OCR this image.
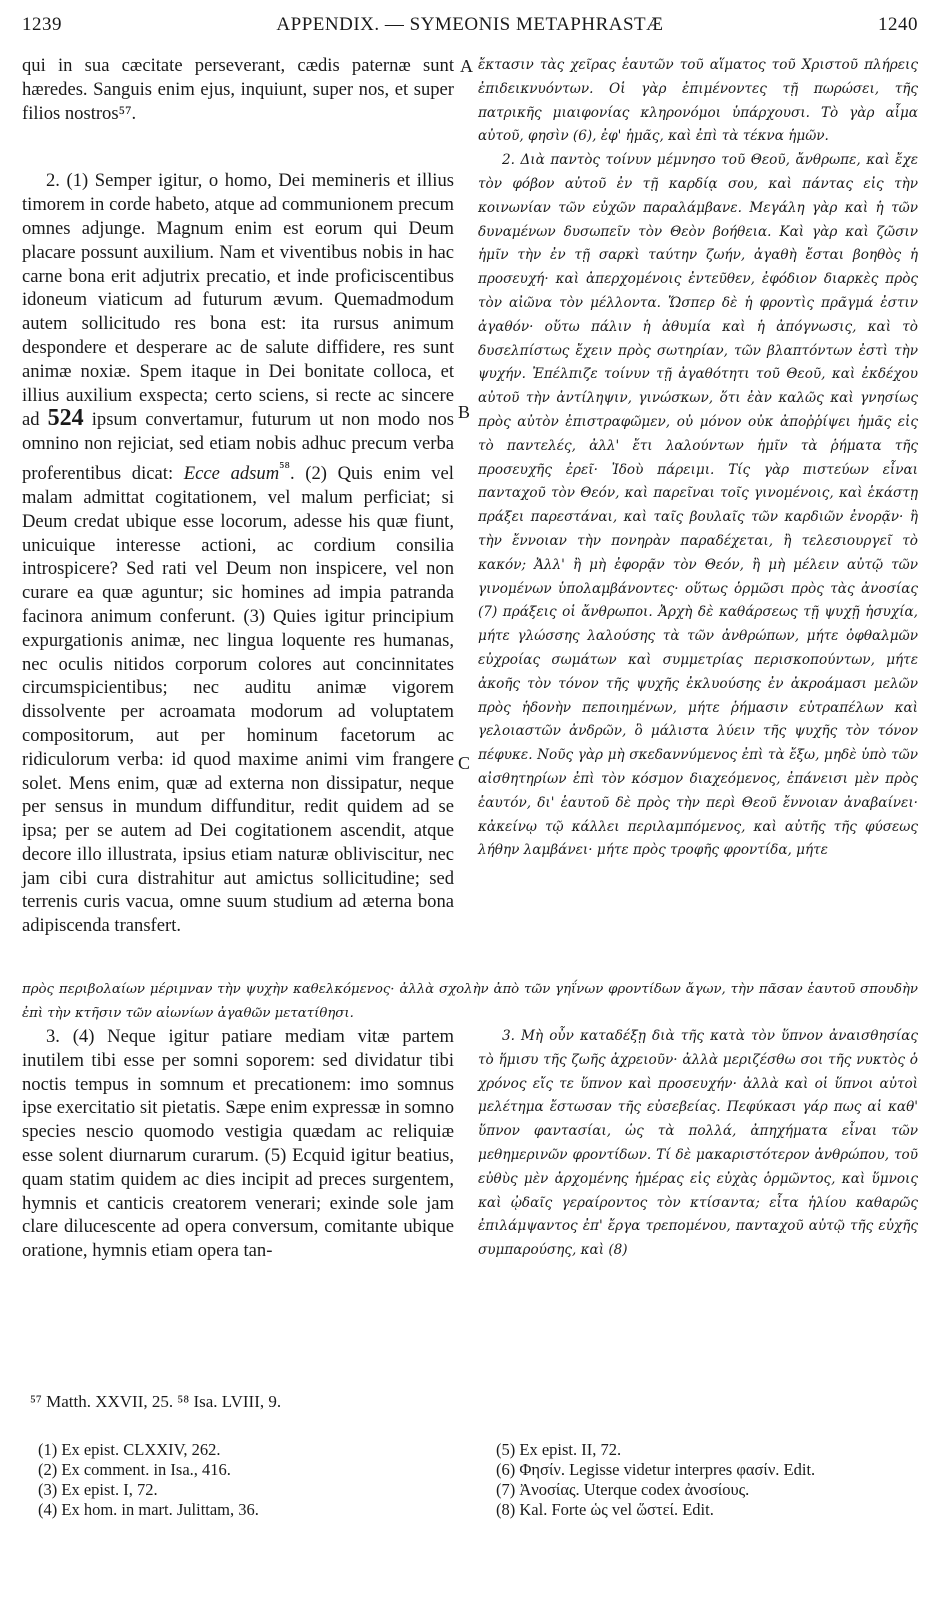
1239	APPENDIX. — SYMEONIS METAPHRASTÆ	1240
A
B
C

qui in sua cæcitate perseverant, cædis paternæ sunt hæredes. Sanguis enim ejus, inquiunt, super nos, et super filios nostros⁵⁷.

2. (1) Semper igitur, o homo, Dei memineris et illius timorem in corde habeto, atque ad communionem precum omnes adjunge. Magnum enim est eorum qui Deum placare possunt auxilium. Nam et viventibus nobis in hac carne bona erit adjutrix precatio, et inde proficiscentibus idoneum viaticum ad futurum ævum. Quemadmodum autem sollicitudo res bona est: ita rursus animum despondere et desperare ac de salute diffidere, res sunt animæ noxiæ. Spem itaque in Dei bonitate colloca, et illius auxilium exspecta; certo sciens, si recte ac sincere ad 524 ipsum convertamur, futurum ut non modo nos omnino non rejiciat, sed etiam nobis adhuc precum verba proferentibus dicat: Ecce adsum$^{^{58}}$. (2) Quis enim vel malam admittat cogitationem, vel malum perficiat; si Deum credat ubique esse locorum, adesse his quæ fiunt, unicuique interesse actioni, ac cordium consilia introspicere? Sed rati vel Deum non inspicere, vel non curare ea quæ aguntur; sic homines ad impia patranda facinora animum conferunt. (3) Quies igitur principium expurgationis animæ, nec lingua loquente res humanas, nec oculis nitidos corporum colores aut concinnitates circumspicientibus; nec auditu animæ vigorem dissolvente per acroamata modorum ad voluptatem compositorum, aut per hominum facetorum ac ridiculorum verba: id quod maxime animi vim frangere solet. Mens enim, quæ ad externa non dissipatur, neque per sensus in mundum diffunditur, redit quidem ad se ipsa; per se autem ad Dei cogitationem ascendit, atque decore illo illustrata, ipsius etiam naturæ obliviscitur, nec jam cibi cura distrahitur aut amictus sollicitudine; sed terrenis curis vacua, omne suum studium ad æterna bona adipiscenda transfert.

ἔκτασιν τὰς χεῖρας ἑαυτῶν τοῦ αἵματος τοῦ Χριστοῦ πλήρεις ἐπιδεικνυόντων. Οἱ γὰρ ἐπιμένοντες τῇ πωρώσει, τῆς πατρικῆς μιαιφονίας κληρονόμοι ὑπάρχουσι. Τὸ γὰρ αἷμα αὐτοῦ, φησὶν (6), ἐφ' ἡμᾶς, καὶ ἐπὶ τὰ τέκνα ἡμῶν.

2. Διὰ παντὸς τοίνυν μέμνησο τοῦ Θεοῦ, ἄνθρωπε, καὶ ἔχε τὸν φόβον αὐτοῦ ἐν τῇ καρδίᾳ σου, καὶ πάντας εἰς τὴν κοινωνίαν τῶν εὐχῶν παραλάμβανε. Μεγάλη γὰρ καὶ ἡ τῶν δυναμένων δυσωπεῖν τὸν Θεὸν βοήθεια. Καὶ γὰρ καὶ ζῶσιν ἡμῖν τὴν ἐν τῇ σαρκὶ ταύτην ζωήν, ἀγαθὴ ἔσται βοηθὸς ἡ προσευχή· καὶ ἀπερχομένοις ἐντεῦθεν, ἐφόδιον διαρκὲς πρὸς τὸν αἰῶνα τὸν μέλλοντα. Ὥσπερ δὲ ἡ φροντὶς πρᾶγμά ἐστιν ἀγαθόν· οὕτω πάλιν ἡ ἀθυμία καὶ ἡ ἀπόγνωσις, καὶ τὸ δυσελπίστως ἔχειν πρὸς σωτηρίαν, τῶν βλαπτόντων ἐστὶ τὴν ψυχήν. Ἐπέλπιζε τοίνυν τῇ ἀγαθότητι τοῦ Θεοῦ, καὶ ἐκδέχου αὐτοῦ τὴν ἀντίληψιν, γινώσκων, ὅτι ἐὰν καλῶς καὶ γνησίως πρὸς αὐτὸν ἐπιστραφῶμεν, οὐ μόνον οὐκ ἀποῤῥίψει ἡμᾶς εἰς τὸ παντελές, ἀλλ' ἔτι λαλούντων ἡμῖν τὰ ῥήματα τῆς προσευχῆς ἐρεῖ· Ἰδοὺ πάρειμι. Τίς γὰρ πιστεύων εἶναι πανταχοῦ τὸν Θεόν, καὶ παρεῖναι τοῖς γινομένοις, καὶ ἑκάστῃ πράξει παρεστάναι, καὶ ταῖς βουλαῖς τῶν καρδιῶν ἐνορᾷν· ἢ τὴν ἔννοιαν τὴν πονηρὰν παραδέχεται, ἢ τελεσιουργεῖ τὸ κακόν; Ἀλλ' ἢ μὴ ἐφορᾷν τὸν Θεόν, ἢ μὴ μέλειν αὐτῷ τῶν γινομένων ὑπολαμβάνοντες· οὕτως ὁρμῶσι πρὸς τὰς ἀνοσίας (7) πράξεις οἱ ἄνθρωποι. Ἀρχὴ δὲ καθάρσεως τῇ ψυχῇ ἡσυχία, μήτε γλώσσης λαλούσης τὰ τῶν ἀνθρώπων, μήτε ὀφθαλμῶν εὐχροίας σωμάτων καὶ συμμετρίας περισκοπούντων, μήτε ἀκοῆς τὸν τόνον τῆς ψυχῆς ἐκλυούσης ἐν ἀκροάμασι μελῶν πρὸς ἡδονὴν πεποιημένων, μήτε ῥήμασιν εὐτραπέλων καὶ γελοιαστῶν ἀνδρῶν, ὃ μάλιστα λύειν τῆς ψυχῆς τὸν τόνον πέφυκε. Νοῦς γὰρ μὴ σκεδαννύμενος ἐπὶ τὰ ἔξω, μηδὲ ὑπὸ τῶν αἰσθητηρίων ἐπὶ τὸν κόσμον διαχεόμενος, ἐπάνεισι μὲν πρὸς ἑαυτόν, δι' ἑαυτοῦ δὲ πρὸς τὴν περὶ Θεοῦ ἔννοιαν ἀναβαίνει· κἀκείνῳ τῷ κάλλει περιλαμπόμενος, καὶ αὐτῆς τῆς φύσεως λήθην λαμβάνει· μήτε πρὸς τροφῆς φροντίδα, μήτε

πρὸς περιβολαίων μέριμναν τὴν ψυχὴν καθελκόμενος· ἀλλὰ σχολὴν ἀπὸ τῶν γηΐνων φροντίδων ἄγων, τὴν πᾶσαν ἑαυτοῦ σπουδὴν ἐπὶ τὴν κτῆσιν τῶν αἰωνίων ἀγαθῶν μετατίθησι.

3. (4) Neque igitur patiare mediam vitæ partem inutilem tibi esse per somni soporem: sed dividatur tibi noctis tempus in somnum et precationem: imo somnus ipse exercitatio sit pietatis. Sæpe enim expressæ in somno species nescio quomodo vestigia quædam ac reliquiæ esse solent diurnarum curarum. (5) Ecquid igitur beatius, quam statim quidem ac dies incipit ad preces surgentem, hymnis et canticis creatorem venerari; exinde sole jam clare dilucescente ad opera conversum, comitante ubique oratione, hymnis etiam opera tan-

3. Μὴ οὖν καταδέξῃ διὰ τῆς κατὰ τὸν ὕπνον ἀναισθησίας τὸ ἥμισυ τῆς ζωῆς ἀχρειοῦν· ἀλλὰ μεριζέσθω σοι τῆς νυκτὸς ὁ χρόνος εἴς τε ὕπνον καὶ προσευχήν· ἀλλὰ καὶ οἱ ὕπνοι αὐτοὶ μελέτημα ἔστωσαν τῆς εὐσεβείας. Πεφύκασι γάρ πως αἱ καθ' ὕπνον φαντασίαι, ὡς τὰ πολλά, ἀπηχήματα εἶναι τῶν μεθημερινῶν φροντίδων. Τί δὲ μακαριστότερον ἀνθρώπου, τοῦ εὐθὺς μὲν ἀρχομένης ἡμέρας εἰς εὐχὰς ὁρμῶντος, καὶ ὕμνοις καὶ ᾠδαῖς γεραίροντος τὸν κτίσαντα; εἶτα ἡλίου καθαρῶς ἐπιλάμψαντος ἐπ' ἔργα τρεπομένου, πανταχοῦ αὐτῷ τῆς εὐχῆς συμπαρούσης, καὶ (8)

⁵⁷ Matth. XXVII, 25. ⁵⁸ Isa. LVIII, 9.
(1) Ex epist. CLXXIV, 262.
(2) Ex comment. in Isa., 416.
(3) Ex epist. I, 72.
(4) Ex hom. in mart. Julittam, 36.
(5) Ex epist. II, 72.
(6) Φησίν. Legisse videtur interpres φασίν. Edit.
(7) Ἀνοσίας. Uterque codex ἀνοσίους.
(8) Kal. Forte ὡς vel ὥστεί. Edit.
